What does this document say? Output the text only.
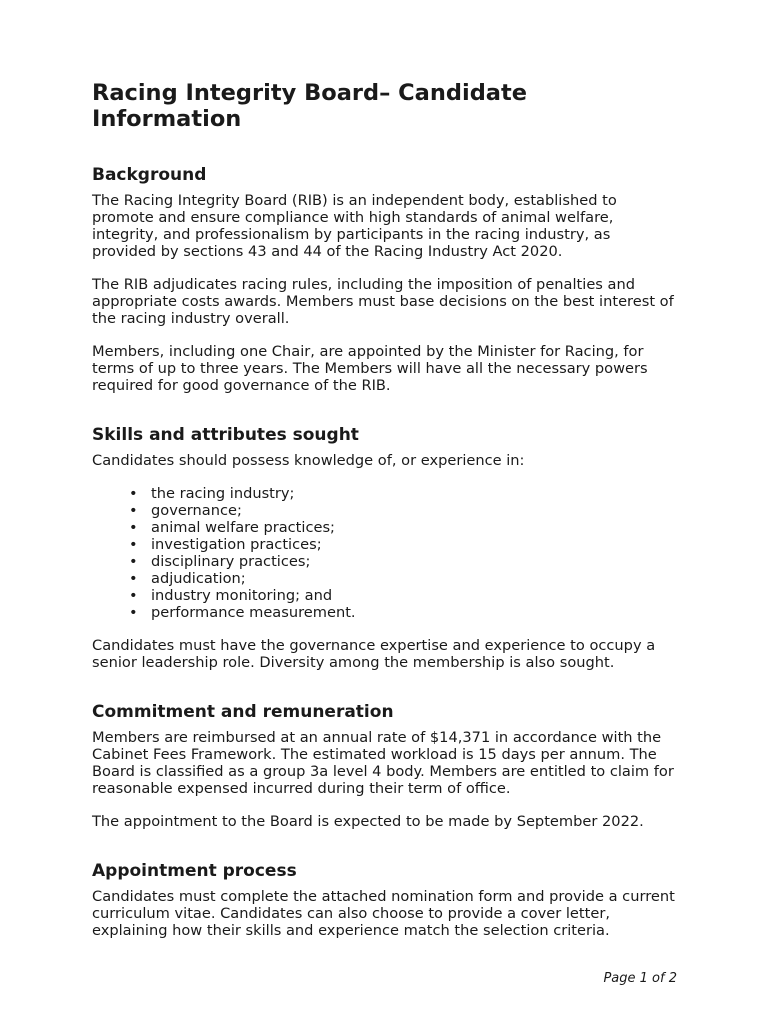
Racing Integrity Board– Candidate Information
Background

The Racing Integrity Board (RIB) is an independent body, established to promote and ensure compliance with high standards of animal welfare, integrity, and professionalism by participants in the racing industry, as provided by sections 43 and 44 of the Racing Industry Act 2020.

The RIB adjudicates racing rules, including the imposition of penalties and appropriate costs awards. Members must base decisions on the best interest of the racing industry overall.

Members, including one Chair, are appointed by the Minister for Racing, for terms of up to three years. The Members will have all the necessary powers required for good governance of the RIB.

Skills and attributes sought

Candidates should possess knowledge of, or experience in:

• the racing industry;
• governance;
• animal welfare practices;
• investigation practices;
• disciplinary practices;
• adjudication;
• industry monitoring; and
• performance measurement.

Candidates must have the governance expertise and experience to occupy a senior leadership role. Diversity among the membership is also sought.

Commitment and remuneration

Members are reimbursed at an annual rate of $14,371 in accordance with the Cabinet Fees Framework. The estimated workload is 15 days per annum. The Board is classified as a group 3a level 4 body. Members are entitled to claim for reasonable expensed incurred during their term of office.

The appointment to the Board is expected to be made by September 2022.

Appointment process

Candidates must complete the attached nomination form and provide a current curriculum vitae. Candidates can also choose to provide a cover letter, explaining how their skills and experience match the selection criteria.

Page 1 of 2
